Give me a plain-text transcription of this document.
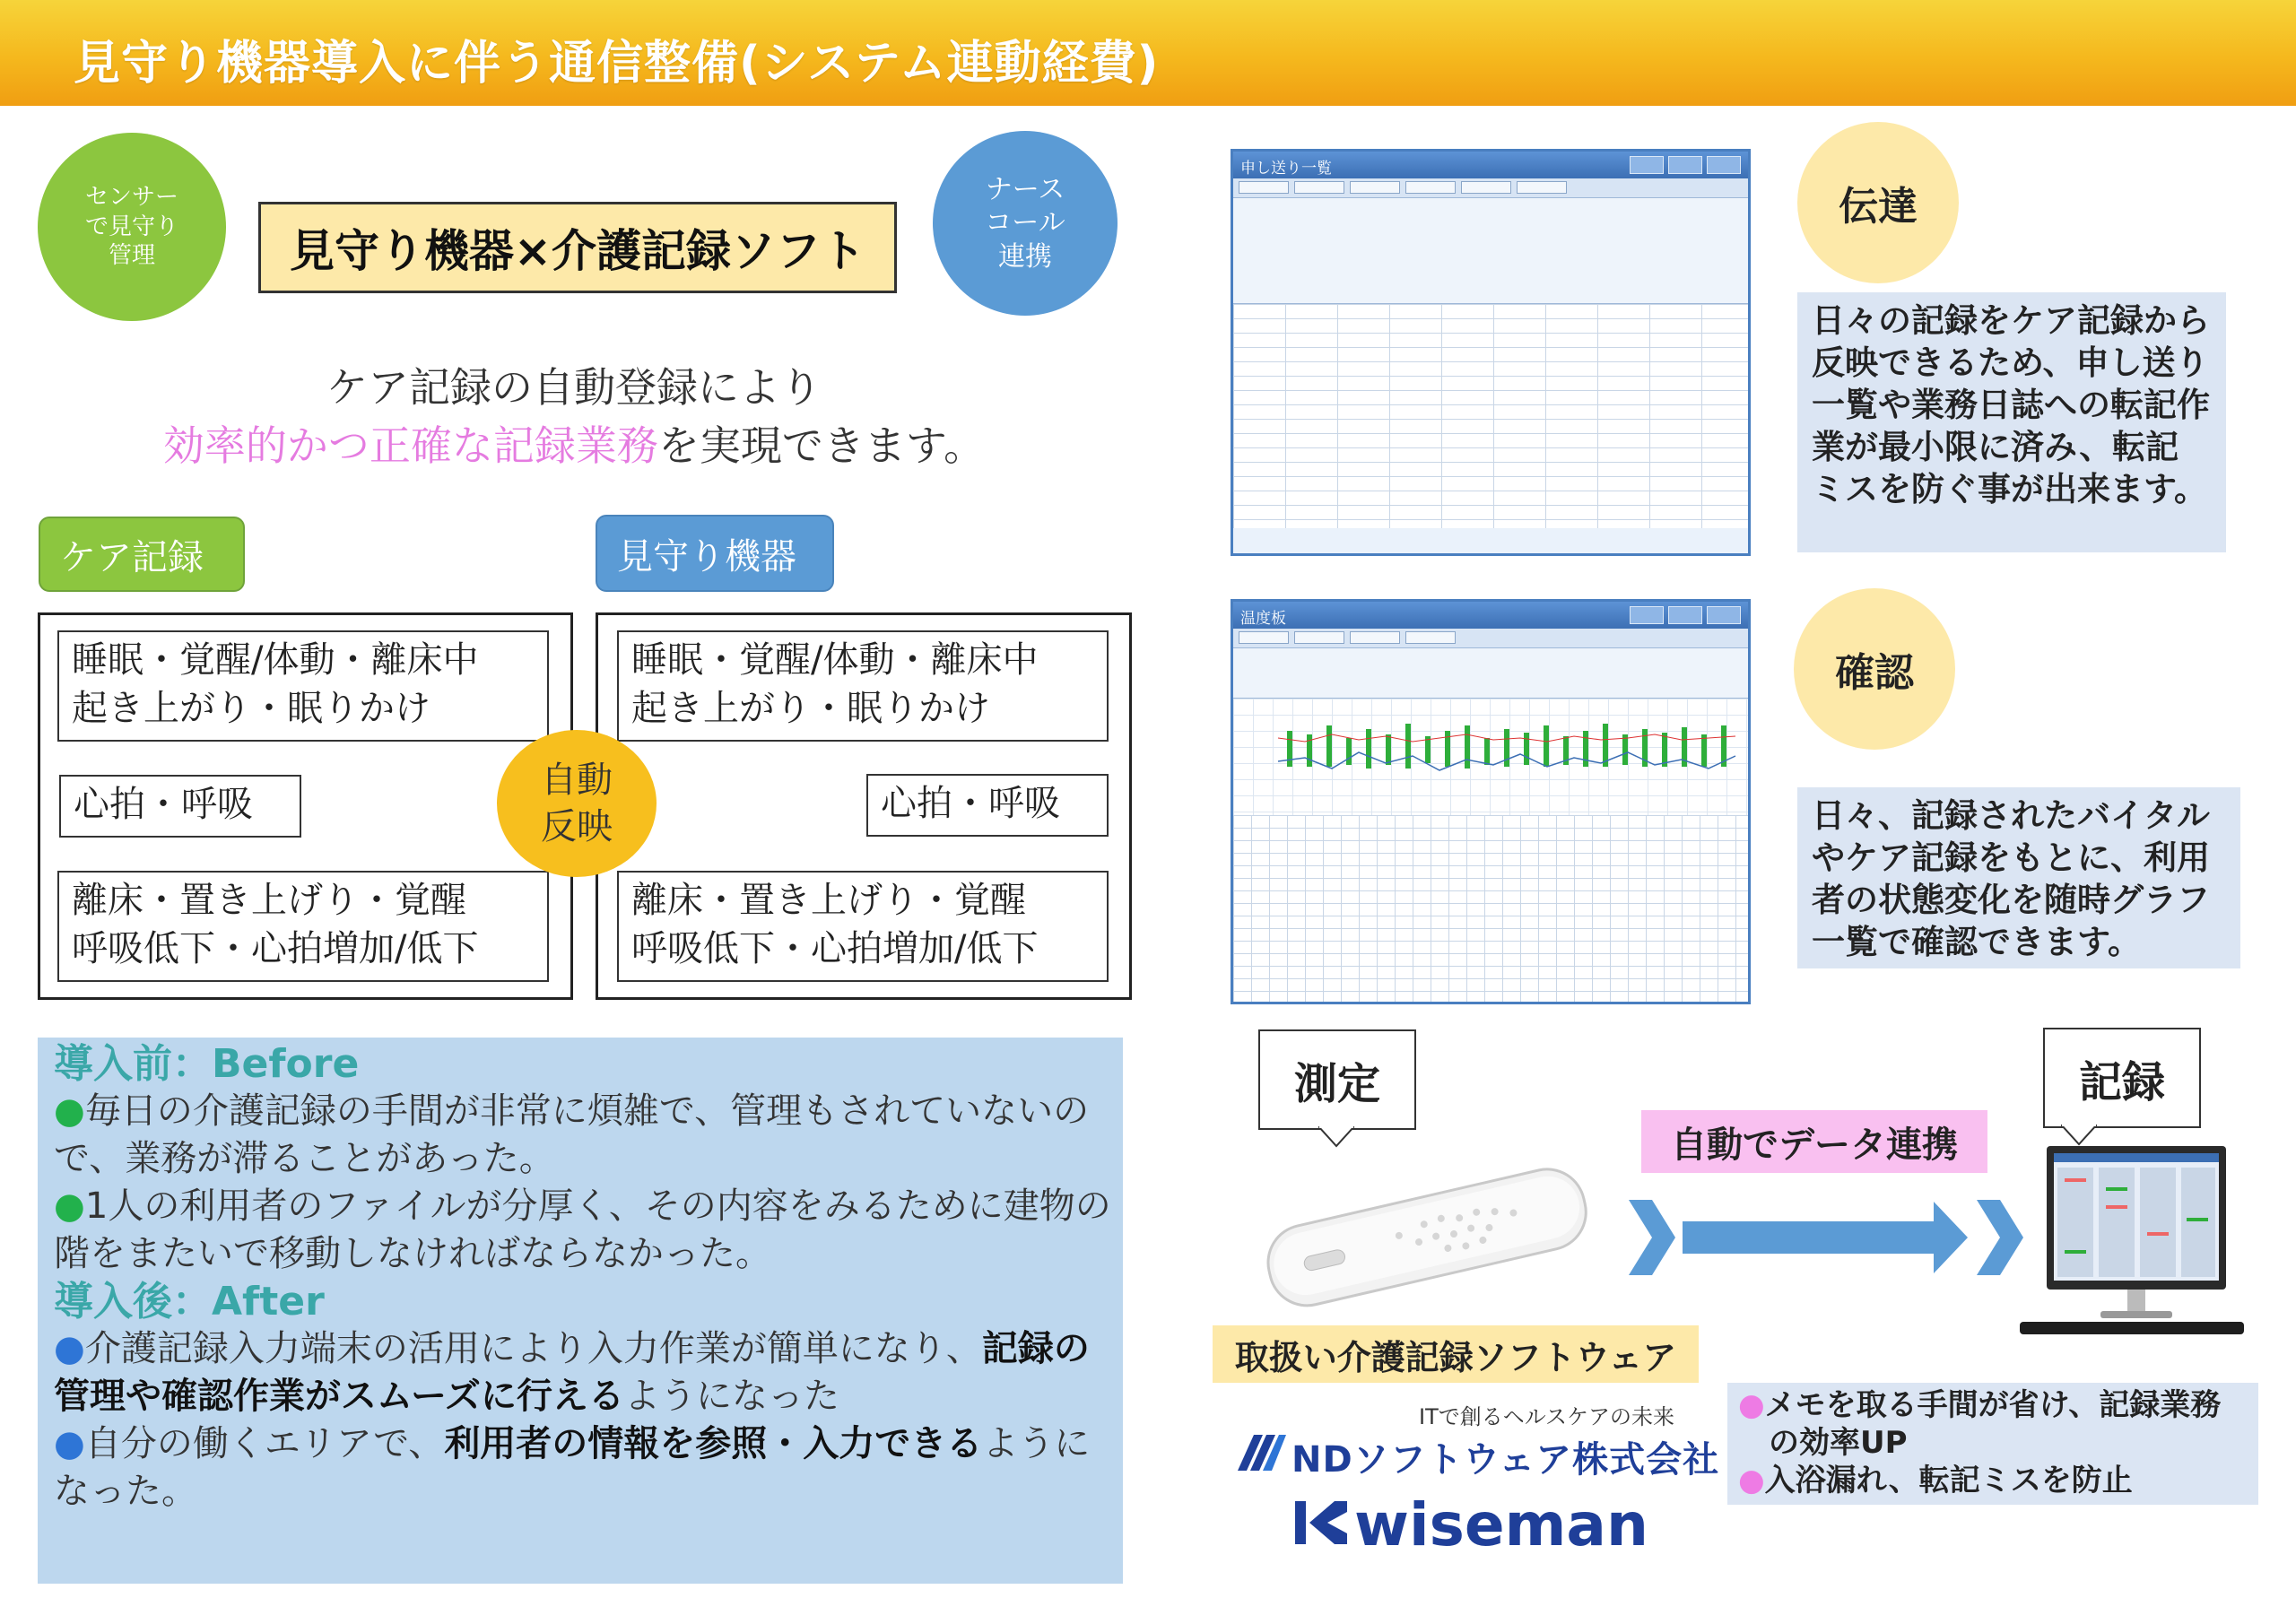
見守り機器導入に伴う通信整備(システム連動経費)
センサー
で見守り
管理	見守り機器×介護記録ソフト
ナース
コール
連携
ケア記録の自動登録により
効率的かつ正確な記録業務を実現できます。
ケア記録	見守り機器
睡眠・覚醒/体動・離床中
起き上がり・眠りかけ
心拍・呼吸
離床・置き上げり・覚醒
呼吸低下・心拍増加/低下
睡眠・覚醒/体動・離床中
起き上がり・眠りかけ
心拍・呼吸
離床・置き上げり・覚醒
呼吸低下・心拍増加/低下
自動
反映
導入前：Before
●毎日の介護記録の手間が非常に煩雑で、管理もされていないので、業務が滞ることがあった。
●1人の利用者のファイルが分厚く、その内容をみるために建物の階をまたいで移動しなければならなかった。
導入後：After
●介護記録入力端末の活用により入力作業が簡単になり、記録の管理や確認作業がスムーズに行えるようになった
●自分の働くエリアで、利用者の情報を参照・入力できるようになった。
申し送り一覧
温度板
伝達
日々の記録をケア記録から反映できるため、申し送り一覧や業務日誌への転記作業が最小限に済み、転記ミスを防ぐ事が出来ます。
確認
日々、記録されたバイタルやケア記録をもとに、利用者の状態変化を随時グラフ一覧で確認できます。
測定
自動でデータ連携
記録
取扱い介護記録ソフトウェア
ITで創るヘルスケアの未来
NDソフトウェア株式会社
wiseman
●メモを取る手間が省け、記録業務
の効率UP
●入浴漏れ、転記ミスを防止
